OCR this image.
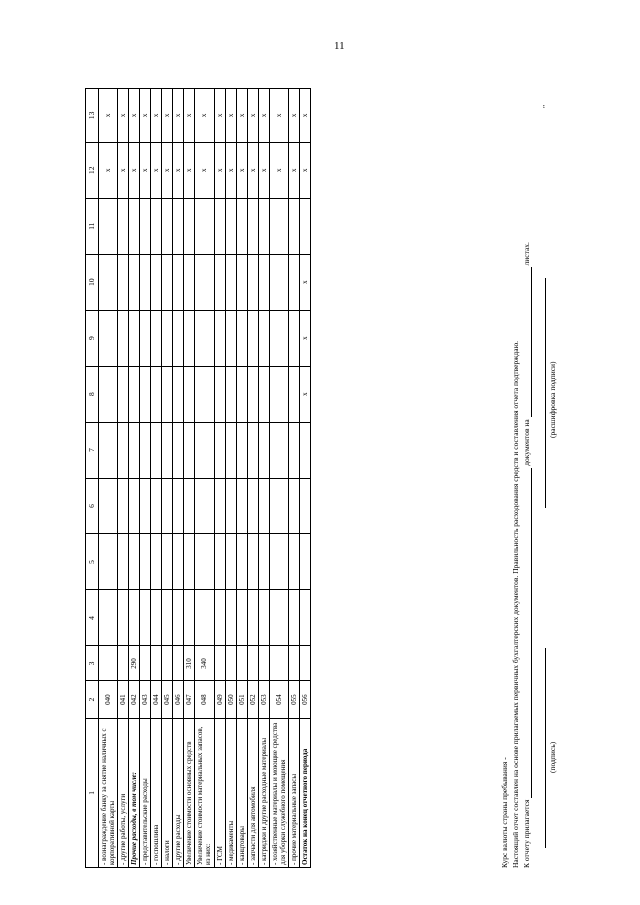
11
1	2	3	4	5	6	7	8	9	10	11	12	13
- вознаграждение банку за снятие наличных с корпоративной карты	040										x	x
- другие работы, услуги	041										x	x
Прочие расходы, в том числе:	042	290									x	x
- представительские расходы	043										x	x
- госпошлина	044										x	x
- налоги	045										x	x
- другие расходы	046										x	x
Увеличение стоимости основных средств	047	310									x	x
Увеличение стоимости материальных запасов, из них:	048	340									x	x
- ГСМ	049										x	x
- медикаменты	050										x	x
- канцтовары	051										x	x
- запчасти для автомобиля	052										x	x
- катриджи и другие расходные материалы	053										x	x
- хозяйственные материалы и моющие средства для уборки служебного помещения	054										x	x
- прочие материальные запасы	055										x	x
Остаток на конец отчетного периода	056						x	x	x		x	x
Курс валюты страны пребывания - Настоящий отчет составлен на основе прилагаемых первичных бухгалтерских документов. Правильность расходования средств и составления отчета подтверждаю. К отчету прилагается  документов на  листах.
(подпись)
(расшифровка подписи)
"
